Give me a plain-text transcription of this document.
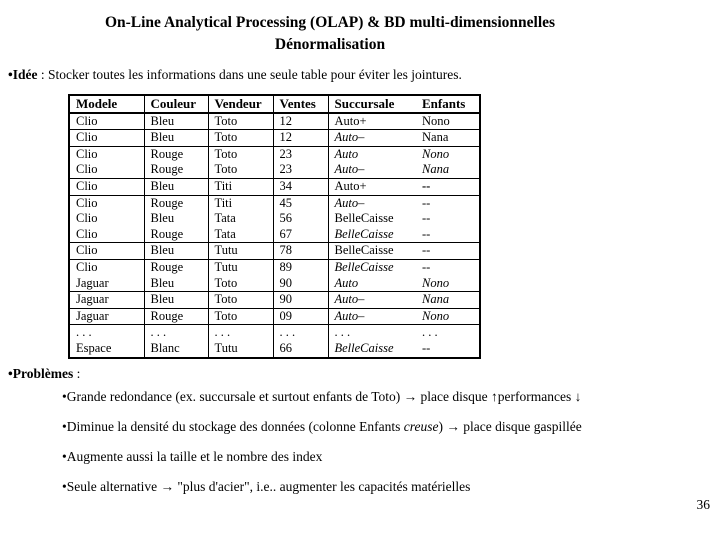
On-Line Analytical Processing (OLAP) & BD multi-dimensionnelles
Dénormalisation

•Idée : Stocker toutes les informations dans une seule table pour éviter les jointures.

Modele	Couleur	Vendeur	Ventes	Succursale	Enfants
Clio	Bleu	Toto	12	Auto+	Nono
Clio	Bleu	Toto	12	Auto–	Nana
Clio	Rouge	Toto	23	Auto	Nono
Clio	Rouge	Toto	23	Auto–	Nana
Clio	Bleu	Titi	34	Auto+	--
Clio	Rouge	Titi	45	Auto–	--
Clio	Bleu	Tata	56	BelleCaisse	--
Clio	Rouge	Tata	67	BelleCaisse	--
Clio	Bleu	Tutu	78	BelleCaisse	--
Clio	Rouge	Tutu	89	BelleCaisse	--
Jaguar	Bleu	Toto	90	Auto	Nono
Jaguar	Bleu	Toto	90	Auto–	Nana
Jaguar	Rouge	Toto	09	Auto–	Nono
. . .	. . .	. . .	. . .	. . .	. . .
Espace	Blanc	Tutu	66	BelleCaisse	--

•Problèmes :

•Grande redondance (ex. succursale et surtout enfants de Toto) → place disque ↑performances ↓

•Diminue la densité du stockage des données (colonne Enfants creuse) → place disque gaspillée

•Augmente aussi la taille et le nombre des index

•Seule alternative → "plus d'acier", i.e.. augmenter les capacités matérielles

36
